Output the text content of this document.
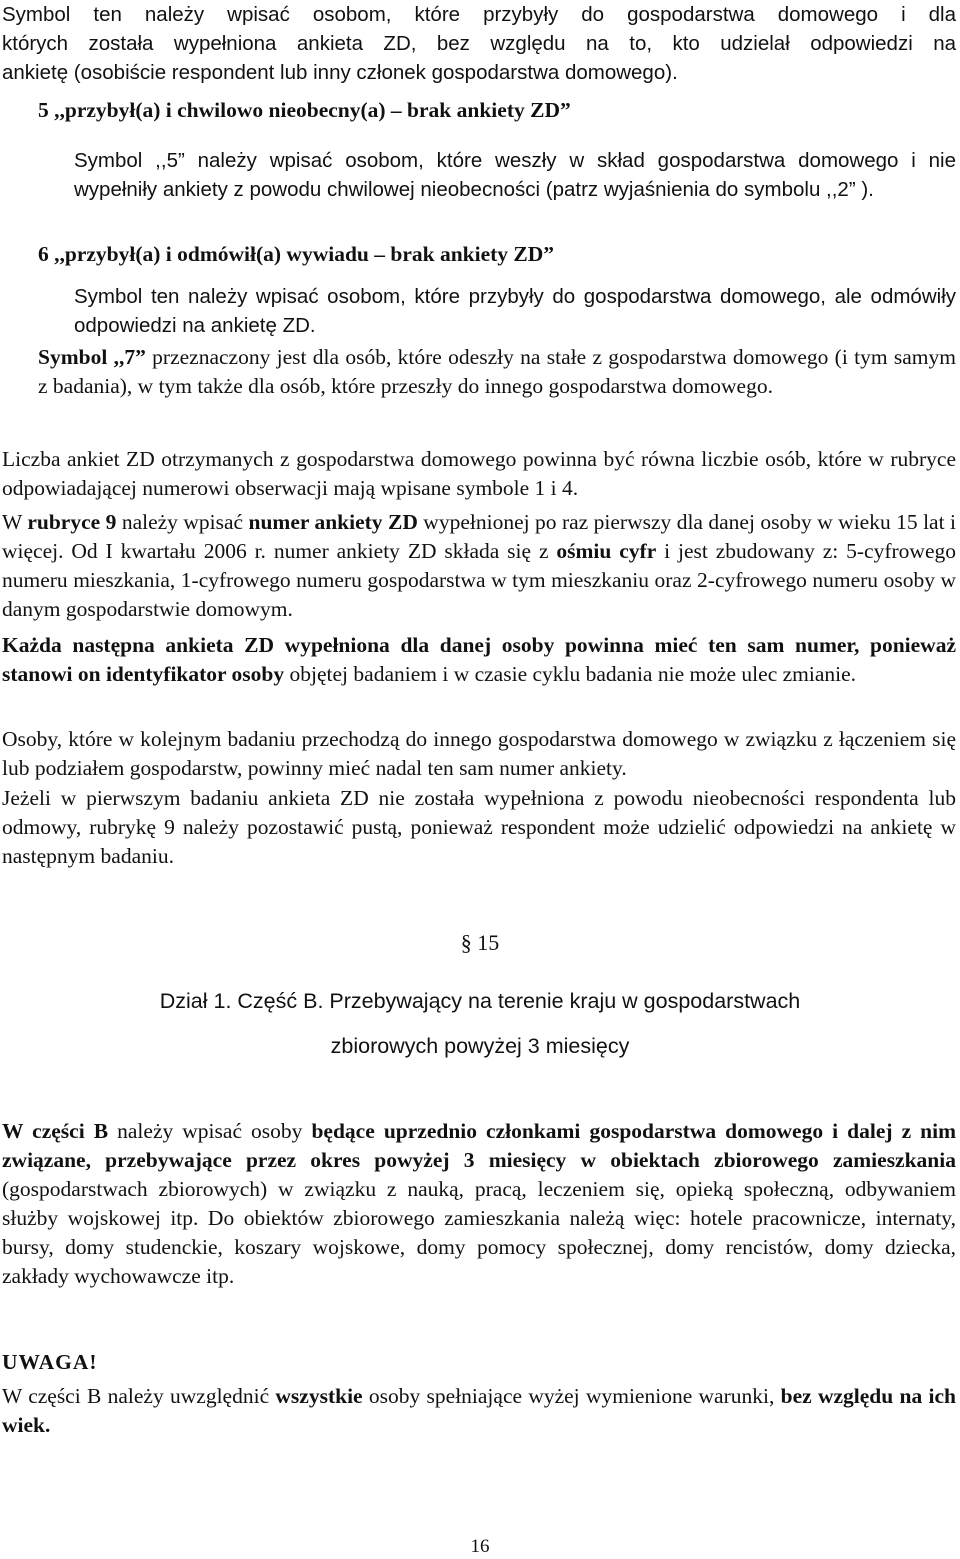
Symbol ten należy wpisać osobom, które przybyły do gospodarstwa domowego i dla

których została wypełniona ankieta ZD, bez względu na to, kto udzielał odpowiedzi na

ankietę (osobiście respondent lub inny członek gospodarstwa domowego).

5 ,,przybył(a) i chwilowo nieobecny(a) – brak ankiety ZD”

Symbol ,,5” należy wpisać osobom, które weszły w skład gospodarstwa domowego i nie wypełniły ankiety z powodu chwilowej nieobecności (patrz wyjaśnienia do symbolu ,,2” ).

6 ,,przybył(a) i odmówił(a) wywiadu – brak ankiety ZD”

Symbol ten należy wpisać osobom, które przybyły do gospodarstwa domowego, ale odmówiły odpowiedzi na ankietę ZD.

Symbol ,,7” przeznaczony jest dla osób, które odeszły na stałe z gospodarstwa domowego (i tym samym z badania), w tym także dla osób, które przeszły do innego gospodarstwa domowego.

Liczba ankiet ZD otrzymanych z gospodarstwa domowego powinna być równa liczbie osób, które w rubryce odpowiadającej numerowi obserwacji mają wpisane symbole 1 i 4.

W rubryce 9 należy wpisać numer ankiety ZD wypełnionej po raz pierwszy dla danej osoby w wieku 15 lat i więcej. Od I kwartału 2006 r. numer ankiety ZD składa się z ośmiu cyfr i jest zbudowany z: 5-cyfrowego numeru mieszkania, 1-cyfrowego numeru gospodarstwa w tym mieszkaniu oraz 2-cyfrowego numeru osoby w danym gospodarstwie domowym.

Każda następna ankieta ZD wypełniona dla danej osoby powinna mieć ten sam numer, ponieważ stanowi on identyfikator osoby objętej badaniem i w czasie cyklu badania nie może ulec zmianie.

Osoby, które w kolejnym badaniu przechodzą do innego gospodarstwa domowego w związku z łączeniem się lub podziałem gospodarstw, powinny mieć nadal ten sam numer ankiety.

Jeżeli w pierwszym badaniu ankieta ZD nie została wypełniona z powodu nieobecności respondenta lub odmowy, rubrykę 9 należy pozostawić pustą, ponieważ respondent może udzielić odpowiedzi na ankietę w następnym badaniu.

§ 15
Dział 1. Część B. Przebywający na terenie kraju w gospodarstwach
zbiorowych powyżej 3 miesięcy

W części B należy wpisać osoby będące uprzednio członkami gospodarstwa domowego i dalej z nim związane, przebywające przez okres powyżej 3 miesięcy w obiektach zbiorowego zamieszkania (gospodarstwach zbiorowych) w związku z nauką, pracą, leczeniem się, opieką społeczną, odbywaniem służby wojskowej itp. Do obiektów zbiorowego zamieszkania należą więc: hotele pracownicze, internaty, bursy, domy studenckie, koszary wojskowe, domy pomocy społecznej, domy rencistów, domy dziecka, zakłady wychowawcze itp.

UWAGA!

W części B należy uwzględnić wszystkie osoby spełniające wyżej wymienione warunki, bez względu na ich wiek.

16
